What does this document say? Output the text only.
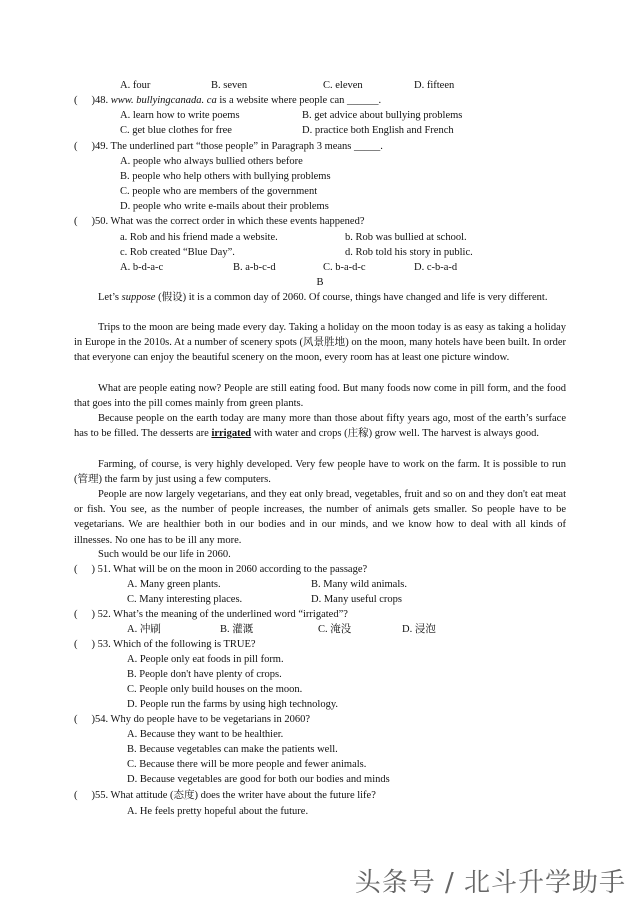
A. four	B. seven	C. eleven	D. fifteen
( )48. www. bullyingcanada. ca is a website where people can ______.
A. learn how to write poems	B. get advice about bullying problems
C. get blue clothes for free	D. practice both English and French
( )49. The underlined part “those people” in Paragraph 3 means _____.
A. people who always bullied others before
B. people who help others with bullying problems
C. people who are members of the government
D. people who write e-mails about their problems
( )50. What was the correct order in which these events happened?
a. Rob and his friend made a website.	b. Rob was bullied at school.
c. Rob created “Blue Day”.	d. Rob told his story in public.
A. b-d-a-c	B. a-b-c-d	C. b-a-d-c	D. c-b-a-d
B
Let’s suppose (假设) it is a common day of 2060. Of course, things have changed and life is very different.
Trips to the moon are being made every day. Taking a holiday on the moon today is as easy as taking a holiday in Europe in the 2010s. At a number of scenery spots (风景胜地) on the moon, many hotels have been built. In order that everyone can enjoy the beautiful scenery on the moon, every room has at least one picture window.
What are people eating now? People are still eating food. But many foods now come in pill form, and the food that goes into the pill comes mainly from green plants.
Because people on the earth today are many more than those about fifty years ago, most of the earth’s surface has to be filled. The desserts are irrigated with water and crops (庄稼) grow well. The harvest is always good.
Farming, of course, is very highly developed. Very few people have to work on the farm. It is possible to run (管理) the farm by just using a few computers.
People are now largely vegetarians, and they eat only bread, vegetables, fruit and so on and they don't eat meat or fish. You see, as the number of people increases, the number of animals gets smaller. So people have to be vegetarians. We are healthier both in our bodies and in our minds, and we know how to deal with all kinds of illnesses. No one has to be ill any more.
Such would be our life in 2060.
( ) 51. What will be on the moon in 2060 according to the passage?
A. Many green plants.	B. Many wild animals.
C. Many interesting places.	D. Many useful crops
( ) 52. What’s the meaning of the underlined word “irrigated”?
A. 冲刷	B. 灌溉	C. 淹没	D. 浸泡
( ) 53. Which of the following is TRUE?
A. People only eat foods in pill form.
B. People don't have plenty of crops.
C. People only build houses on the moon.
D. People run the farms by using high technology.
( )54. Why do people have to be vegetarians in 2060?
A. Because they want to be healthier.
B. Because vegetables can make the patients well.
C. Because there will be more people and fewer animals.
D. Because vegetables are good for both our bodies and minds
( )55. What attitude (态度) does the writer have about the future life?
A. He feels pretty hopeful about the future.
头条号 / 北斗升学助手
